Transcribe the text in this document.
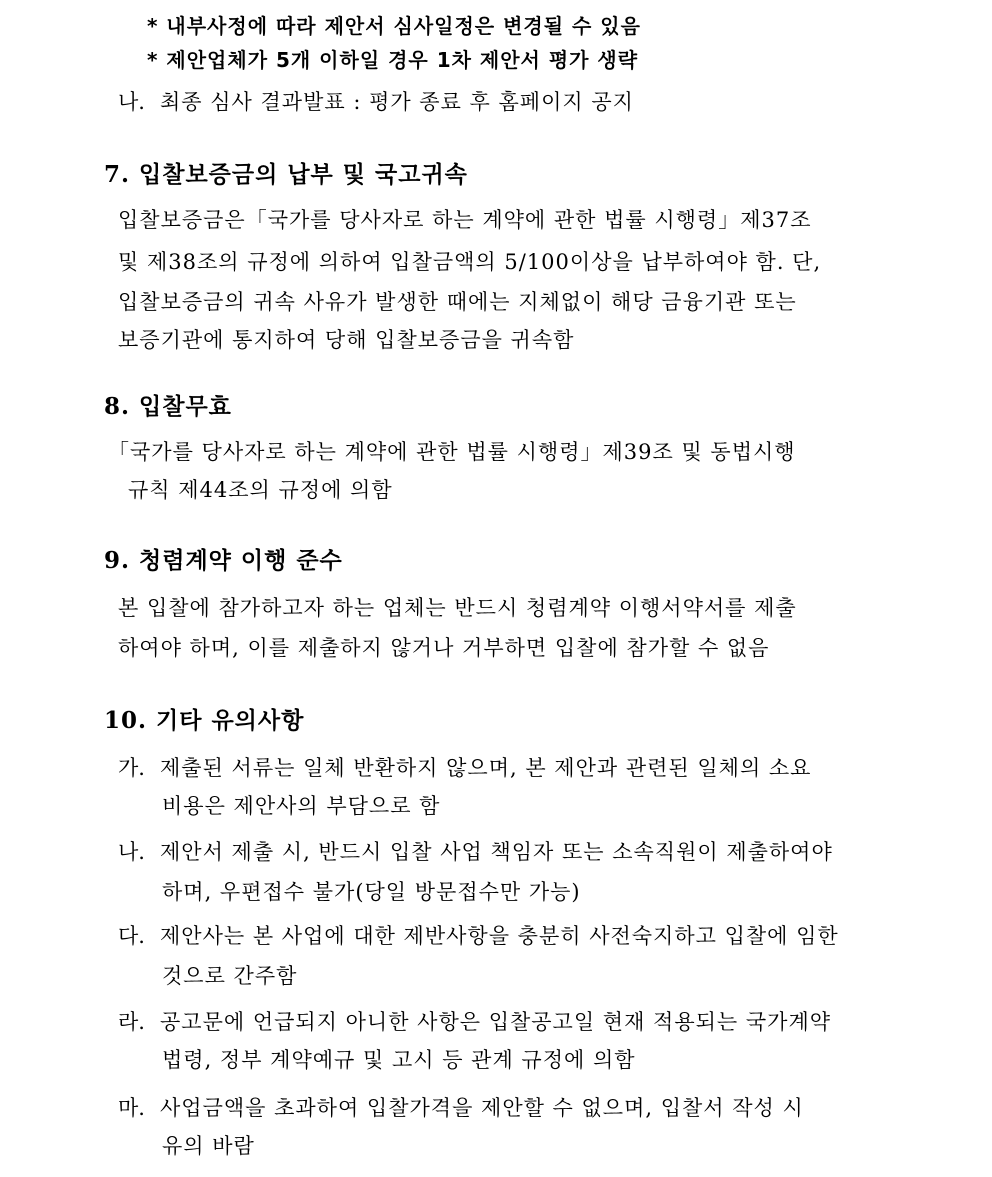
* 내부사정에 따라 제안서 심사일정은 변경될 수 있음
* 제안업체가 5개 이하일 경우 1차 제안서 평가 생략
나. 최종 심사 결과발표 : 평가 종료 후 홈페이지 공지
7. 입찰보증금의 납부 및 국고귀속
입찰보증금은「국가를 당사자로 하는 계약에 관한 법률 시행령」제37조
및 제38조의 규정에 의하여 입찰금액의 5/100이상을 납부하여야 함. 단,
입찰보증금의 귀속 사유가 발생한 때에는 지체없이 해당 금융기관 또는
보증기관에 통지하여 당해 입찰보증금을 귀속함
8. 입찰무효
「국가를 당사자로 하는 계약에 관한 법률 시행령」제39조 및 동법시행
규칙 제44조의 규정에 의함
9. 청렴계약 이행 준수
본 입찰에 참가하고자 하는 업체는 반드시 청렴계약 이행서약서를 제출
하여야 하며, 이를 제출하지 않거나 거부하면 입찰에 참가할 수 없음
10. 기타 유의사항
가. 제출된 서류는 일체 반환하지 않으며, 본 제안과 관련된 일체의 소요
비용은 제안사의 부담으로 함
나. 제안서 제출 시, 반드시 입찰 사업 책임자 또는 소속직원이 제출하여야
하며, 우편접수 불가(당일 방문접수만 가능)
다. 제안사는 본 사업에 대한 제반사항을 충분히 사전숙지하고 입찰에 임한
것으로 간주함
라. 공고문에 언급되지 아니한 사항은 입찰공고일 현재 적용되는 국가계약
법령, 정부 계약예규 및 고시 등 관계 규정에 의함
마. 사업금액을 초과하여 입찰가격을 제안할 수 없으며, 입찰서 작성 시
유의 바람
